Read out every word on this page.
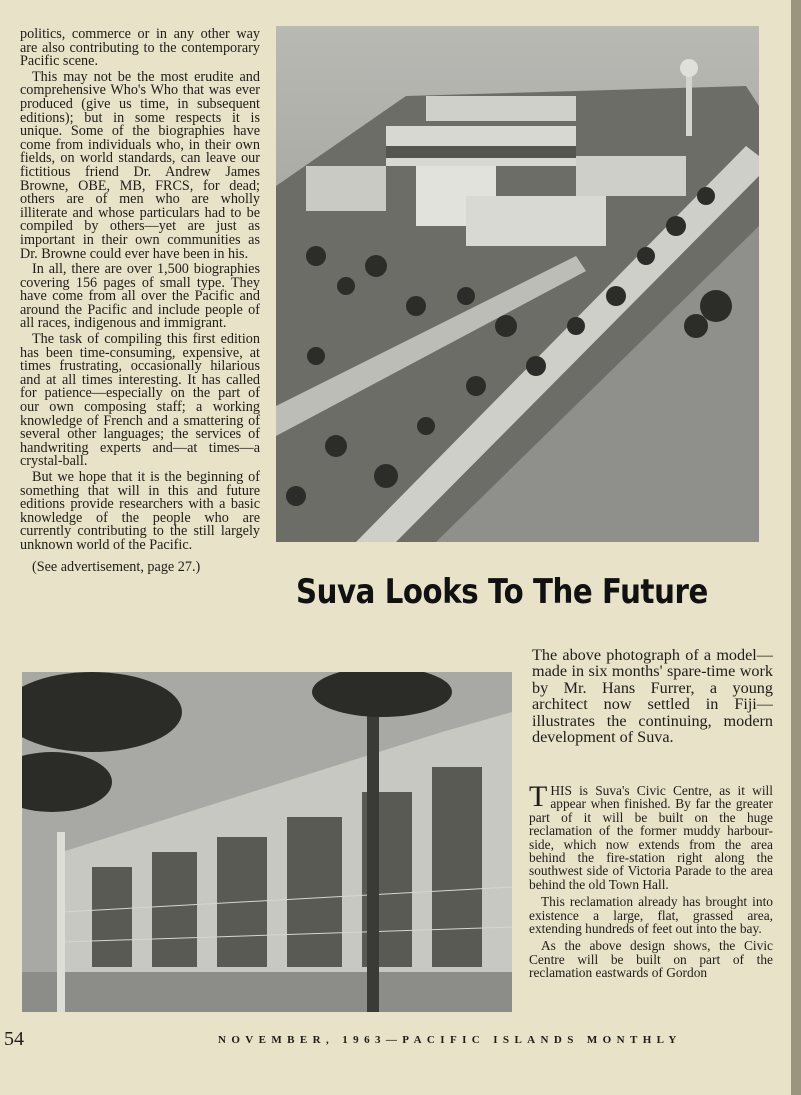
politics, commerce or in any other way are also contributing to the contemporary Pacific scene.

This may not be the most erudite and comprehensive Who's Who that was ever produced (give us time, in subsequent editions); but in some respects it is unique. Some of the biographies have come from individuals who, in their own fields, on world standards, can leave our fictitious friend Dr. Andrew James Browne, OBE, MB, FRCS, for dead; others are of men who are wholly illiterate and whose particulars had to be compiled by others—yet are just as important in their own communities as Dr. Browne could ever have been in his.

In all, there are over 1,500 biographies covering 156 pages of small type. They have come from all over the Pacific and around the Pacific and include people of all races, indigenous and immigrant.

The task of compiling this first edition has been time-consuming, expensive, at times frustrating, occasionally hilarious and at all times interesting. It has called for patience—especially on the part of our own composing staff; a working knowledge of French and a smattering of several other languages; the services of handwriting experts and—at times—a crystal-ball.

But we hope that it is the beginning of something that will in this and future editions provide researchers with a basic knowledge of the people who are currently contributing to the still largely unknown world of the Pacific.

(See advertisement, page 27.)

Suva Looks To The Future

The above photograph of a model—made in six months' spare-time work by Mr. Hans Furrer, a young architect now settled in Fiji—illustrates the continuing, modern development of Suva.

THIS is Suva's Civic Centre, as it will appear when finished. By far the greater part of it will be built on the huge reclamation of the former muddy harbour-side, which now extends from the area behind the fire-station right along the southwest side of Victoria Parade to the area behind the old Town Hall.

This reclamation already has brought into existence a large, flat, grassed area, extending hundreds of feet out into the bay.

As the above design shows, the Civic Centre will be built on part of the reclamation eastwards of Gordon

54	NOVEMBER, 1963—PACIFIC ISLANDS MONTHLY
